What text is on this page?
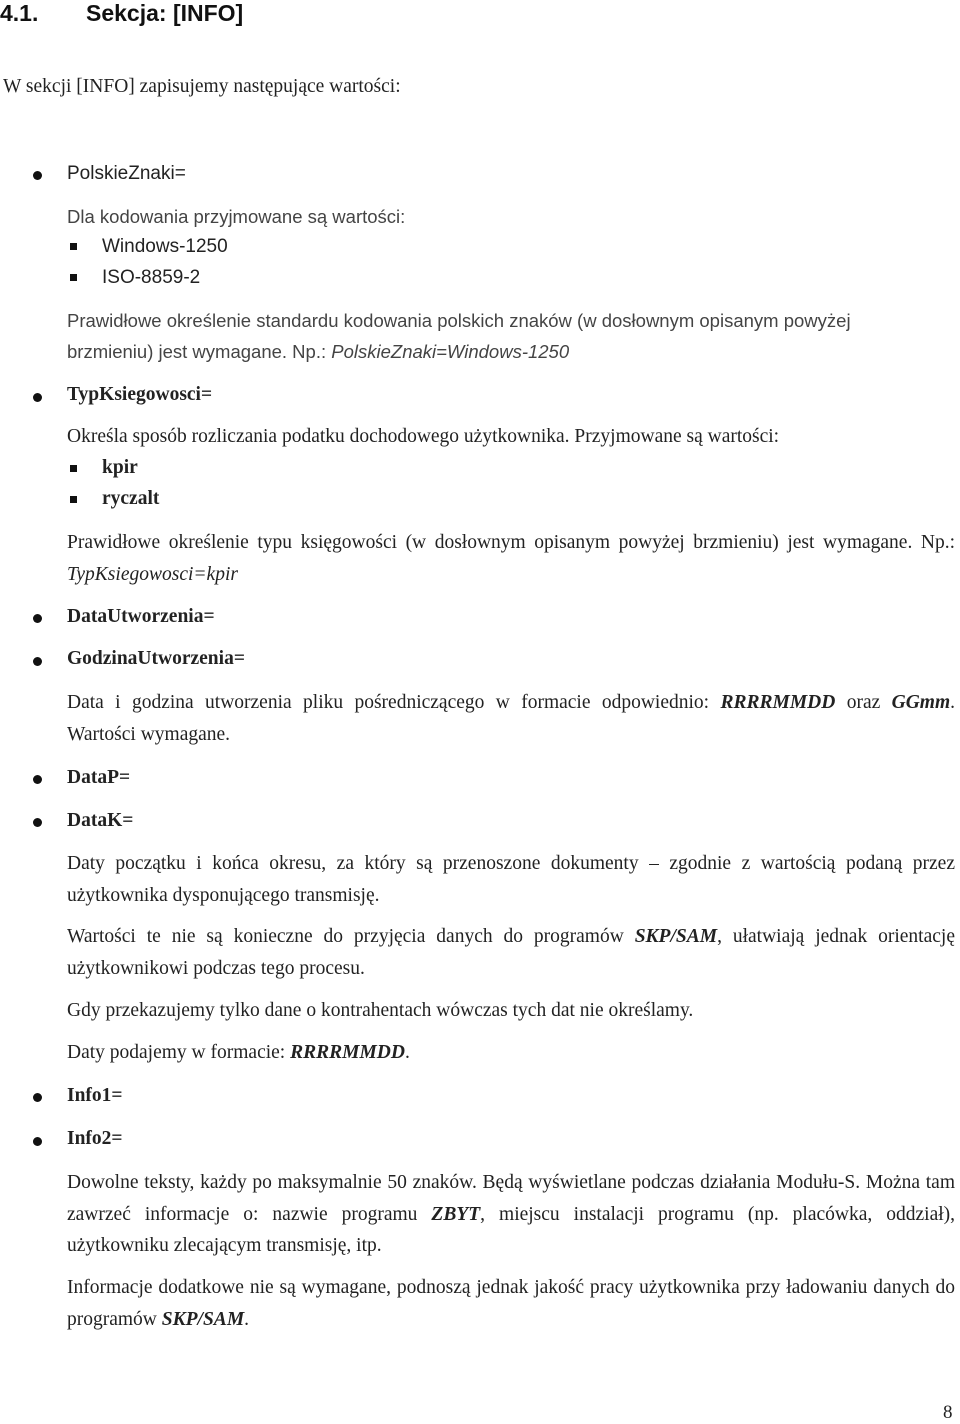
4.1. Sekcja: [INFO]

W sekcji [INFO] zapisujemy następujące wartości:

PolskieZnaki=
Dla kodowania przyjmowane są wartości:
Windows-1250
ISO-8859-2
Prawidłowe określenie standardu kodowania polskich znaków (w dosłownym opisanym powyżej
brzmieniu) jest wymagane. Np.: PolskieZnaki=Windows-1250
TypKsiegowosci=
Określa sposób rozliczania podatku dochodowego użytkownika. Przyjmowane są wartości:
kpir
ryczalt

Prawidłowe określenie typu księgowości (w dosłownym opisanym powyżej brzmieniu) jest wymagane. Np.: TypKsiegowosci=kpir

DataUtworzenia=
GodzinaUtworzenia=

Data i godzina utworzenia pliku pośredniczącego w formacie odpowiednio: RRRRMMDD oraz GGmm. Wartości wymagane.

DataP=
DataK=

Daty początku i końca okresu, za który są przenoszone dokumenty – zgodnie z wartością podaną przez użytkownika dysponującego transmisję.

Wartości te nie są konieczne do przyjęcia danych do programów SKP/SAM, ułatwiają jednak orientację użytkownikowi podczas tego procesu.

Gdy przekazujemy tylko dane o kontrahentach wówczas tych dat nie określamy.
Daty podajemy w formacie: RRRRMMDD.
Info1=
Info2=

Dowolne teksty, każdy po maksymalnie 50 znaków. Będą wyświetlane podczas działania Modułu-S. Można tam zawrzeć informacje o: nazwie programu ZBYT, miejscu instalacji programu (np. placówka, oddział), użytkowniku zlecającym transmisję, itp.

Informacje dodatkowe nie są wymagane, podnoszą jednak jakość pracy użytkownika przy ładowaniu danych do programów SKP/SAM.

8
